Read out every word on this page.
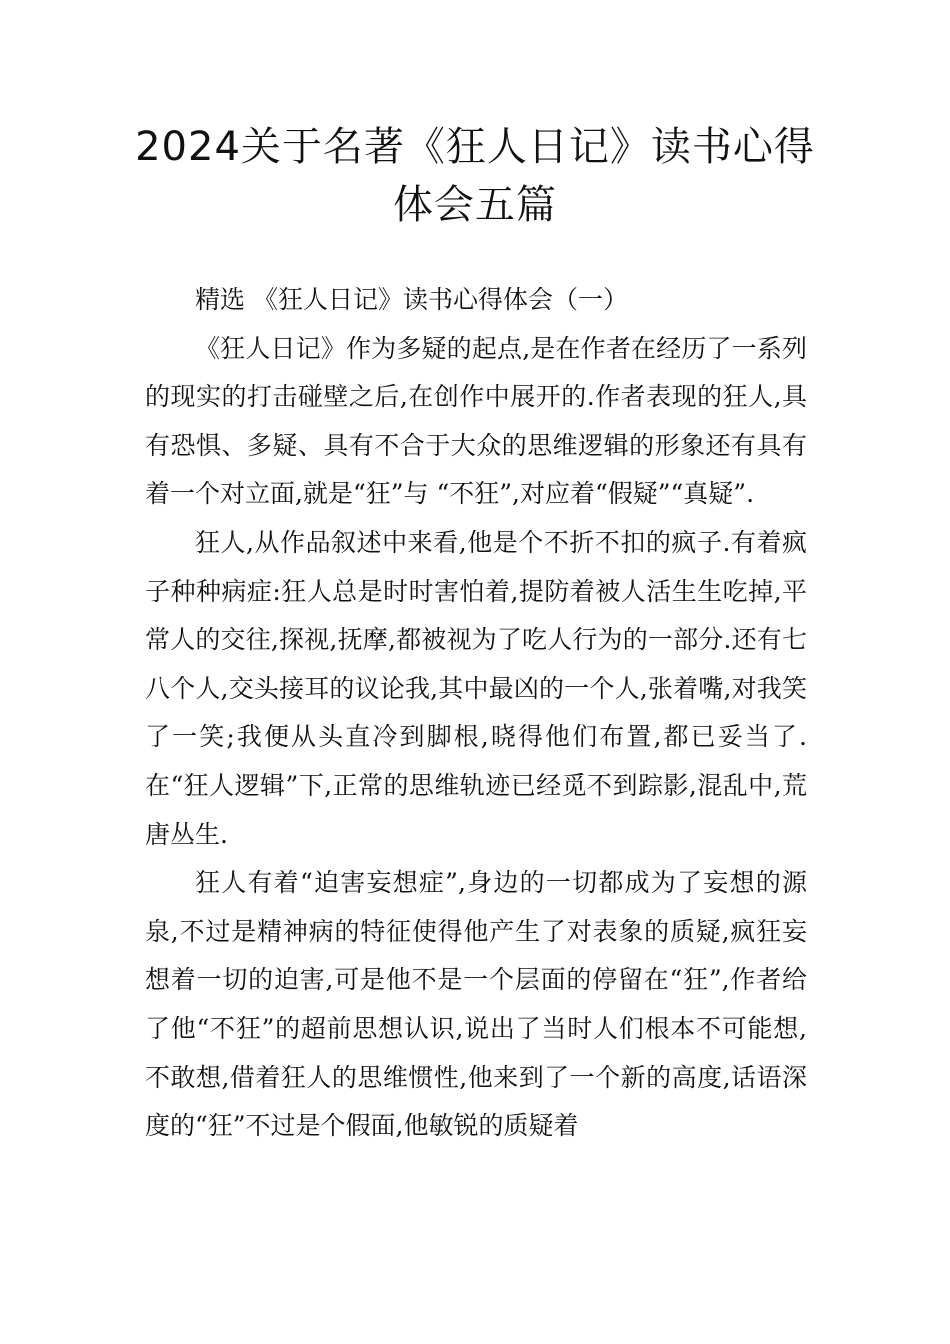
2024关于名著《狂人日记》读书心得体会五篇

精选 《狂人日记》读书心得体会（一）

《狂人日记》作为多疑的起点,是在作者在经历了一系列的现实的打击碰壁之后,在创作中展开的.作者表现的狂人,具有恐惧、多疑、具有不合于大众的思维逻辑的形象还有具有着一个对立面,就是“狂”与 “不狂”,对应着“假疑”“真疑”.

狂人,从作品叙述中来看,他是个不折不扣的疯子.有着疯子种种病症:狂人总是时时害怕着,提防着被人活生生吃掉,平常人的交往,探视,抚摩,都被视为了吃人行为的一部分.还有七八个人,交头接耳的议论我,其中最凶的一个人,张着嘴,对我笑了一笑;我便从头直冷到脚根,晓得他们布置,都已妥当了.在“狂人逻辑”下,正常的思维轨迹已经觅不到踪影,混乱中,荒唐丛生.

狂人有着“迫害妄想症”,身边的一切都成为了妄想的源泉,不过是精神病的特征使得他产生了对表象的质疑,疯狂妄想着一切的迫害,可是他不是一个层面的停留在“狂”,作者给了他“不狂”的超前思想认识,说出了当时人们根本不可能想,不敢想,借着狂人的思维惯性,他来到了一个新的高度,话语深度的“狂”不过是个假面,他敏锐的质疑着
